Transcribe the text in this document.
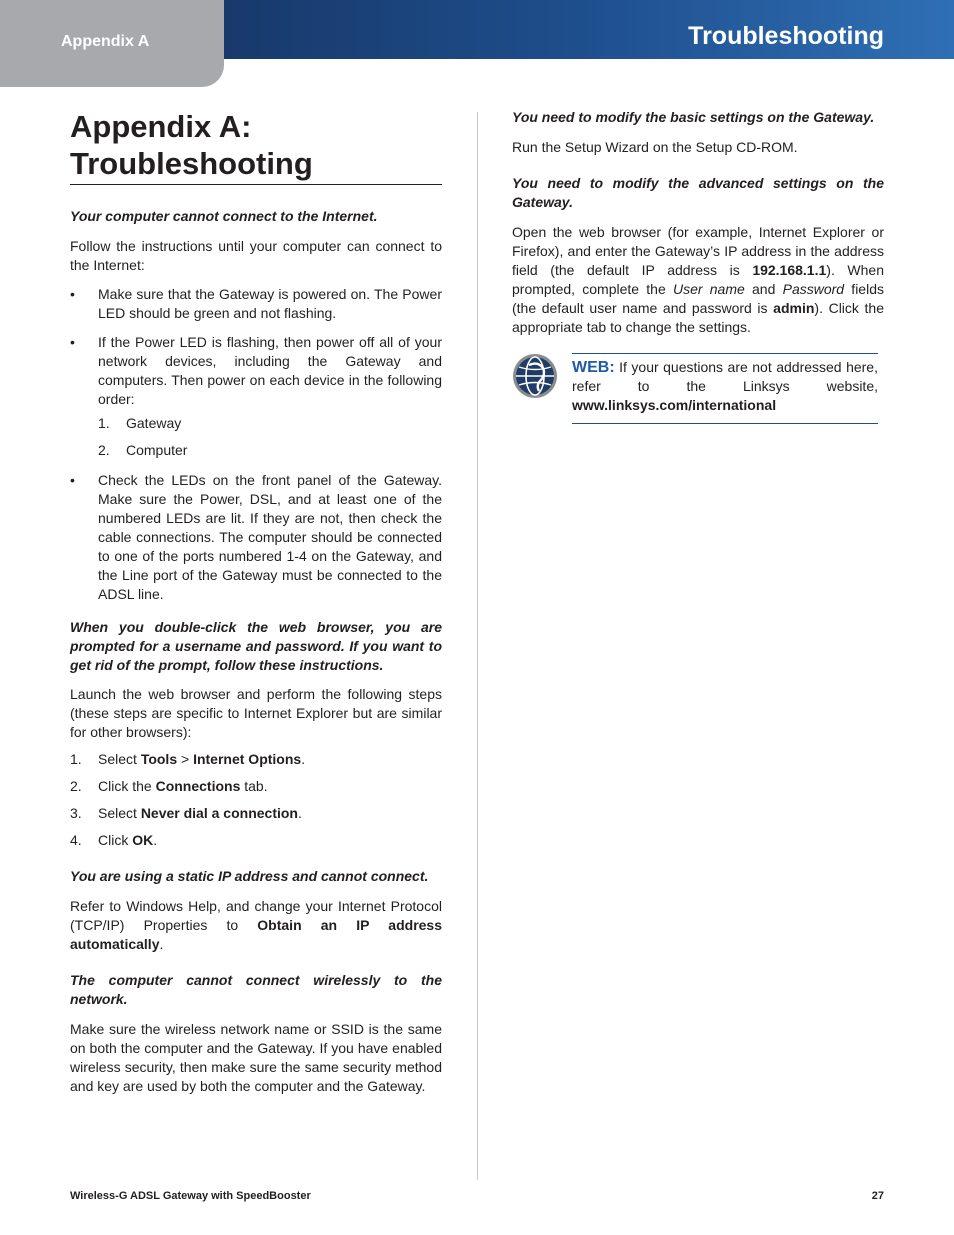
Appendix A	Troubleshooting
Appendix A:
Troubleshooting

Your computer cannot connect to the Internet.

Follow the instructions until your computer can connect to the Internet:

• Make sure that the Gateway is powered on. The Power LED should be green and not flashing.
• If the Power LED is flashing, then power off all of your network devices, including the Gateway and computers. Then power on each device in the following order:
1. Gateway
2. Computer
• Check the LEDs on the front panel of the Gateway. Make sure the Power, DSL, and at least one of the numbered LEDs are lit. If they are not, then check the cable connections. The computer should be connected to one of the ports numbered 1-4 on the Gateway, and the Line port of the Gateway must be connected to the ADSL line.

When you double-click the web browser, you are prompted for a username and password. If you want to get rid of the prompt, follow these instructions.

Launch the web browser and perform the following steps (these steps are specific to Internet Explorer but are similar for other browsers):

1. Select Tools > Internet Options.
2. Click the Connections tab.
3. Select Never dial a connection.
4. Click OK.

You are using a static IP address and cannot connect.

Refer to Windows Help, and change your Internet Protocol (TCP/IP) Properties to Obtain an IP address automatically.

The computer cannot connect wirelessly to the network.

Make sure the wireless network name or SSID is the same on both the computer and the Gateway. If you have enabled wireless security, then make sure the same security method and key are used by both the computer and the Gateway.

You need to modify the basic settings on the Gateway.

Run the Setup Wizard on the Setup CD-ROM.

You need to modify the advanced settings on the Gateway.

Open the web browser (for example, Internet Explorer or Firefox), and enter the Gateway’s IP address in the address field (the default IP address is 192.168.1.1). When prompted, complete the User name and Password fields (the default user name and password is admin). Click the appropriate tab to change the settings.

WEB: If your questions are not addressed here, refer to the Linksys website, www.linksys.com/international
Wireless-G ADSL Gateway with SpeedBooster	27
